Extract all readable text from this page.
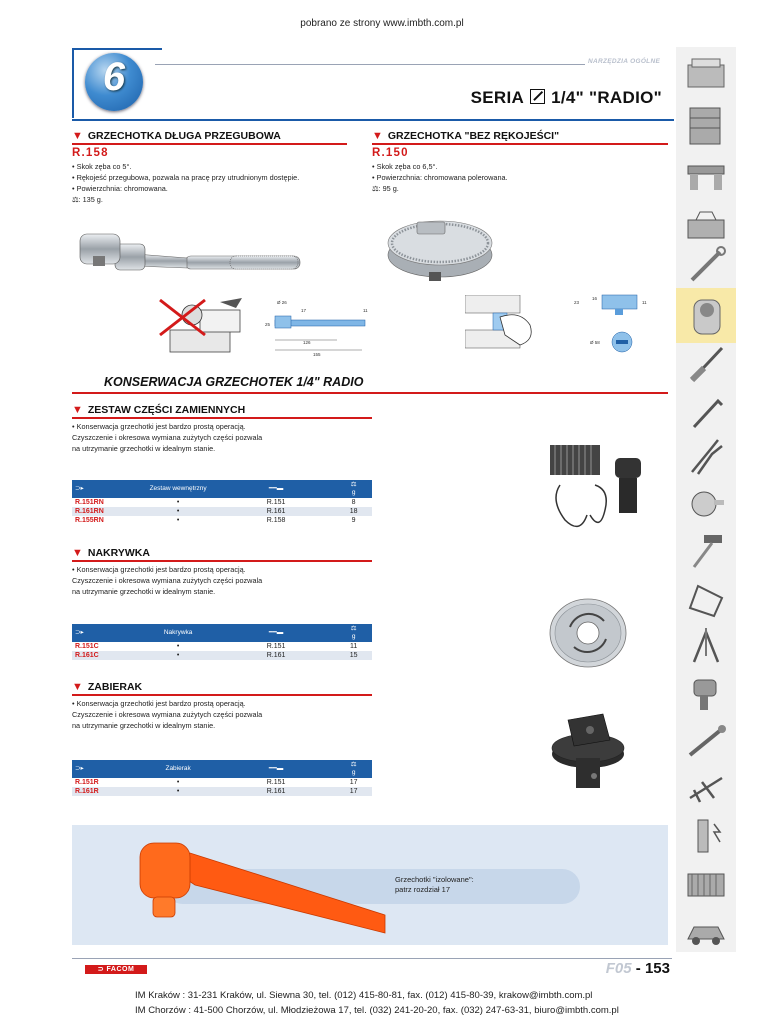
pobrano ze strony www.imbth.com.pl
NARZĘDZIA OGÓLNE
6	SERIA 1/4" "RADIO"
▼ GRZECHOTKA DŁUGA PRZEGUBOWA
R.158
• Skok zęba co 5°.
• Rękojeść przegubowa, pozwala na pracę przy utrudnionym dostępie.
• Powierzchnia: chromowana.
⚖: 135 g.
▼ GRZECHOTKA "BEZ RĘKOJEŚCI"
R.150
• Skok zęba co 6,5°.
• Powierzchnia: chromowana polerowana.
⚖: 95 g.
Ø 26
17	11
25
126
155
23
16
11
Ø 58
KONSERWACJA GRZECHOTEK 1/4" RADIO
▼ ZESTAW CZĘŚCI ZAMIENNYCH
• Konserwacja grzechotki jest bardzo prostą operacją.
Czyszczenie i okresowa wymiana zużytych części pozwala
na utrzymanie grzechotki w idealnym stanie.
⊃▸	Zestaw wewnętrzny	━━▬	⚖
g
R.151RN	•	R.151	8
R.161RN	•	R.161	18
R.155RN	•	R.158	9
▼ NAKRYWKA
• Konserwacja grzechotki jest bardzo prostą operacją.
Czyszczenie i okresowa wymiana zużytych części pozwala
na utrzymanie grzechotki w idealnym stanie.
⊃▸	Nakrywka	━━▬	⚖
g
R.151C	•	R.151	11
R.161C	•	R.161	15
▼ ZABIERAK
• Konserwacja grzechotki jest bardzo prostą operacją.
Czyszczenie i okresowa wymiana zużytych części pozwala
na utrzymanie grzechotki w idealnym stanie.
⊃▸	Zabierak	━━▬	⚖
g
R.151R	•	R.151	17
R.161R	•	R.161	17
Grzechotki "izolowane":
patrz rozdział 17
⊃ FACOM	F05 - 153
IM Kraków : 31-231 Kraków, ul. Siewna 30, tel. (012) 415-80-81, fax. (012) 415-80-39, krakow@imbth.com.pl
IM Chorzów : 41-500 Chorzów, ul. Młodzieżowa 17, tel. (032) 241-20-20, fax. (032) 247-63-31, biuro@imbth.com.pl
